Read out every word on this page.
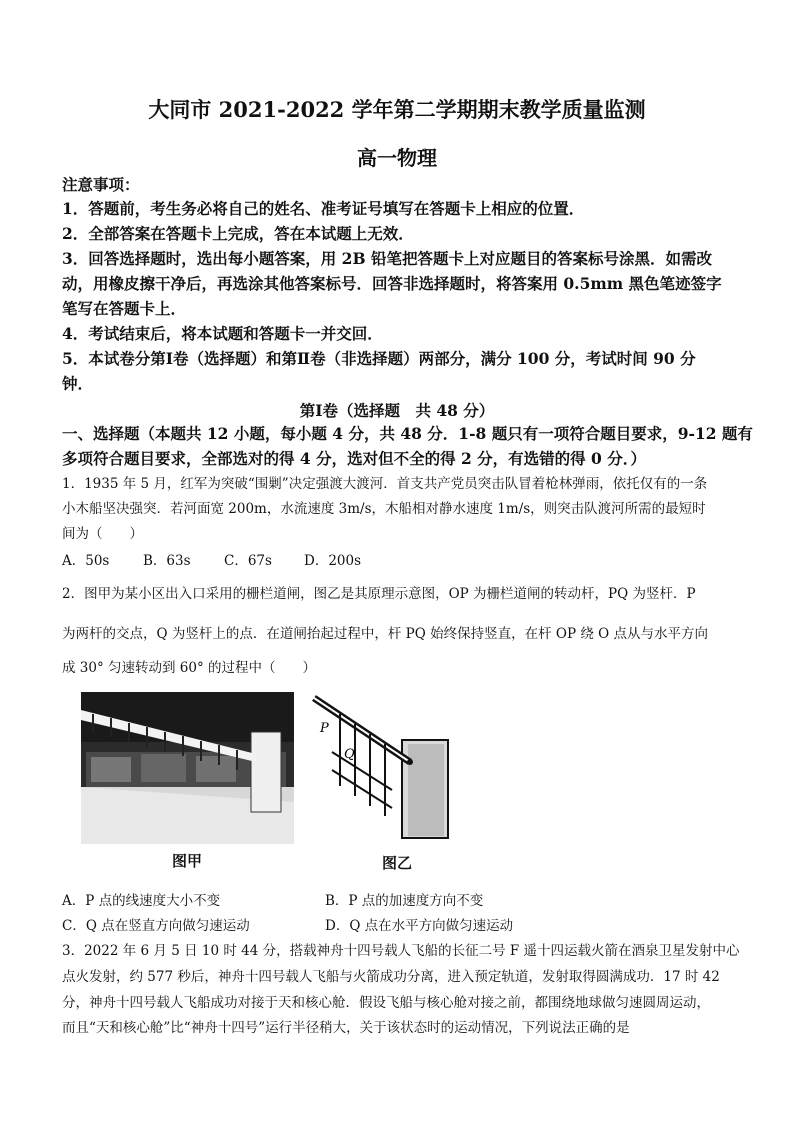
大同市 2021-2022 学年第二学期期末教学质量监测
高一物理
注意事项：
1．答题前，考生务必将自己的姓名、准考证号填写在答题卡上相应的位置．
2．全部答案在答题卡上完成，答在本试题上无效．
3．回答选择题时，选出每小题答案，用 2B 铅笔把答题卡上对应题目的答案标号涂黑．如需改
动，用橡皮擦干净后，再选涂其他答案标号．回答非选择题时，将答案用 0.5mm 黑色笔迹签字
笔写在答题卡上．
4．考试结束后，将本试题和答题卡一并交回．
5．本试卷分第Ⅰ卷（选择题）和第Ⅱ卷（非选择题）两部分，满分 100 分，考试时间 90 分
钟．
第Ⅰ卷（选择题　共 48 分）
一、选择题（本题共 12 小题，每小题 4 分，共 48 分．1-8 题只有一项符合题目要求，9-12 题有
多项符合题目要求，全部选对的得 4 分，选对但不全的得 2 分，有选错的得 0 分．）
1．1935 年 5 月，红军为突破“围剿”决定强渡大渡河．首支共产党员突击队冒着枪林弹雨，依托仅有的一条
小木船坚决强突．若河面宽 200m，水流速度 3m/s，木船相对静水速度 1m/s，则突击队渡河所需的最短时
间为（　　）
A．50s B．63s C．67s D．200s
2．图甲为某小区出入口采用的栅栏道闸，图乙是其原理示意图，OP 为栅栏道闸的转动杆，PQ 为竖杆．P
为两杆的交点，Q 为竖杆上的点．在道闸抬起过程中，杆 PQ 始终保持竖直，在杆 OP 绕 O 点从与水平方向
成 30° 匀速转动到 60° 的过程中（　　）
图甲
P
Q
图乙
A．P 点的线速度大小不变	B．P 点的加速度方向不变
C．Q 点在竖直方向做匀速运动	D．Q 点在水平方向做匀速运动
3．2022 年 6 月 5 日 10 时 44 分，搭载神舟十四号载人飞船的长征二号 F 遥十四运载火箭在酒泉卫星发射中心
点火发射，约 577 秒后，神舟十四号载人飞船与火箭成功分离，进入预定轨道，发射取得圆满成功．17 时 42
分，神舟十四号载人飞船成功对接于天和核心舱．假设飞船与核心舱对接之前，都围绕地球做匀速圆周运动，
而且“天和核心舱”比“神舟十四号”运行半径稍大，关于该状态时的运动情况，下列说法正确的是
